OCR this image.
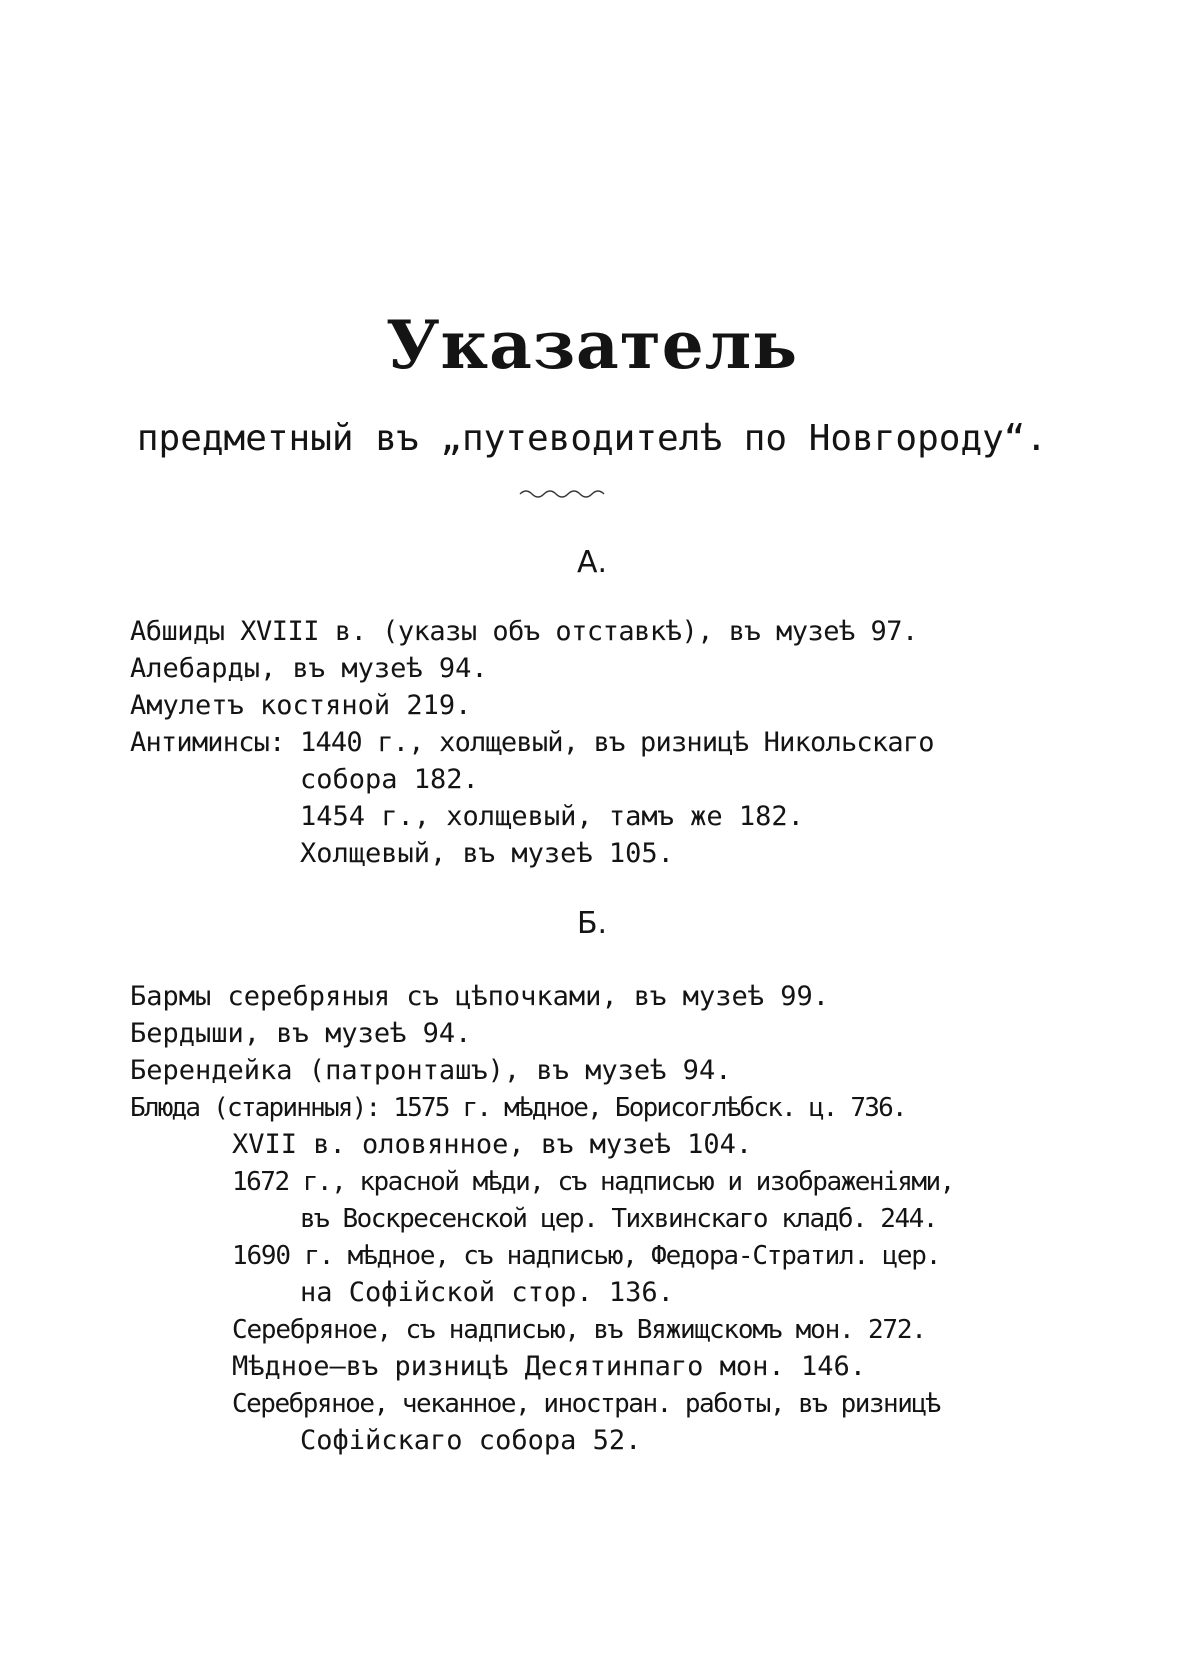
Указатель
предметный въ „путеводителѣ по Новгороду“.
А.
Абшиды XVIII в. (указы объ отставкѣ), въ музеѣ 97.
Алебарды, въ музеѣ 94.
Амулетъ костяной 219.
Антиминсы: 1440 г., холщевый, въ ризницѣ Никольскаго
собора 182.
1454 г., холщевый, тамъ же 182.
Холщевый, въ музеѣ 105.
Б.
Бармы серебряныя съ цѣпочками, въ музеѣ 99.
Бердыши, въ музеѣ 94.
Берендейка (патронташъ), въ музеѣ 94.
Блюда (старинныя): 1575 г. мѣдное, Борисоглѣбск. ц. 736.
XVII в. оловянное, въ музеѣ 104.
1672 г., красной мѣди, съ надписью и изображеніями,
въ Воскресенской цер. Тихвинскаго кладб. 244.
1690 г. мѣдное, съ надписью, Федора-Стратил. цер.
на Софійской стор. 136.
Серебряное, съ надписью, въ Вяжищскомъ мон. 272.
Мѣдное—въ ризницѣ Десятинпаго мон. 146.
Серебряное, чеканное, иностран. работы, въ ризницѣ
Софійскаго собора 52.
